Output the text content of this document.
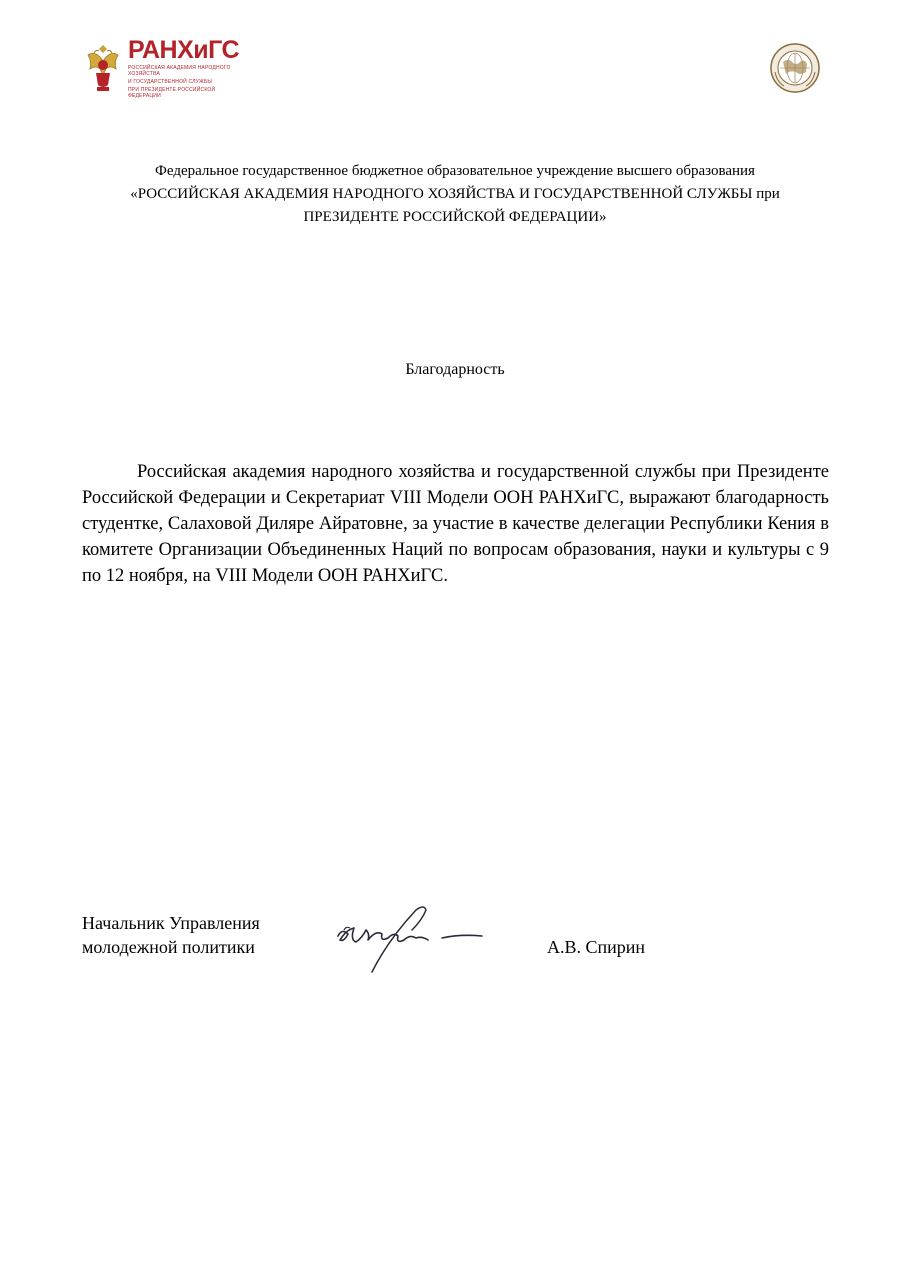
РАНХиГС
РОССИЙСКАЯ АКАДЕМИЯ НАРОДНОГО ХОЗЯЙСТВА
И ГОСУДАРСТВЕННОЙ СЛУЖБЫ
ПРИ ПРЕЗИДЕНТЕ РОССИЙСКОЙ ФЕДЕРАЦИИ

Федеральное государственное бюджетное образовательное учреждение высшего образования

«РОССИЙСКАЯ АКАДЕМИЯ НАРОДНОГО ХОЗЯЙСТВА И ГОСУДАРСТВЕННОЙ СЛУЖБЫ при

ПРЕЗИДЕНТЕ РОССИЙСКОЙ ФЕДЕРАЦИИ»

Благодарность

Российская академия народного хозяйства и государственной службы при Президенте Российской Федерации и Секретариат VIII Модели ООН РАНХиГС, выражают благодарность студентке, Салаховой Диляре Айратовне, за участие в качестве делегации Республики Кения в комитете Организации Объединенных Наций по вопросам образования, науки и культуры с 9 по 12 ноября, на VIII Модели ООН РАНХиГС.

Начальник Управления
молодежной политики	А.В. Спирин
